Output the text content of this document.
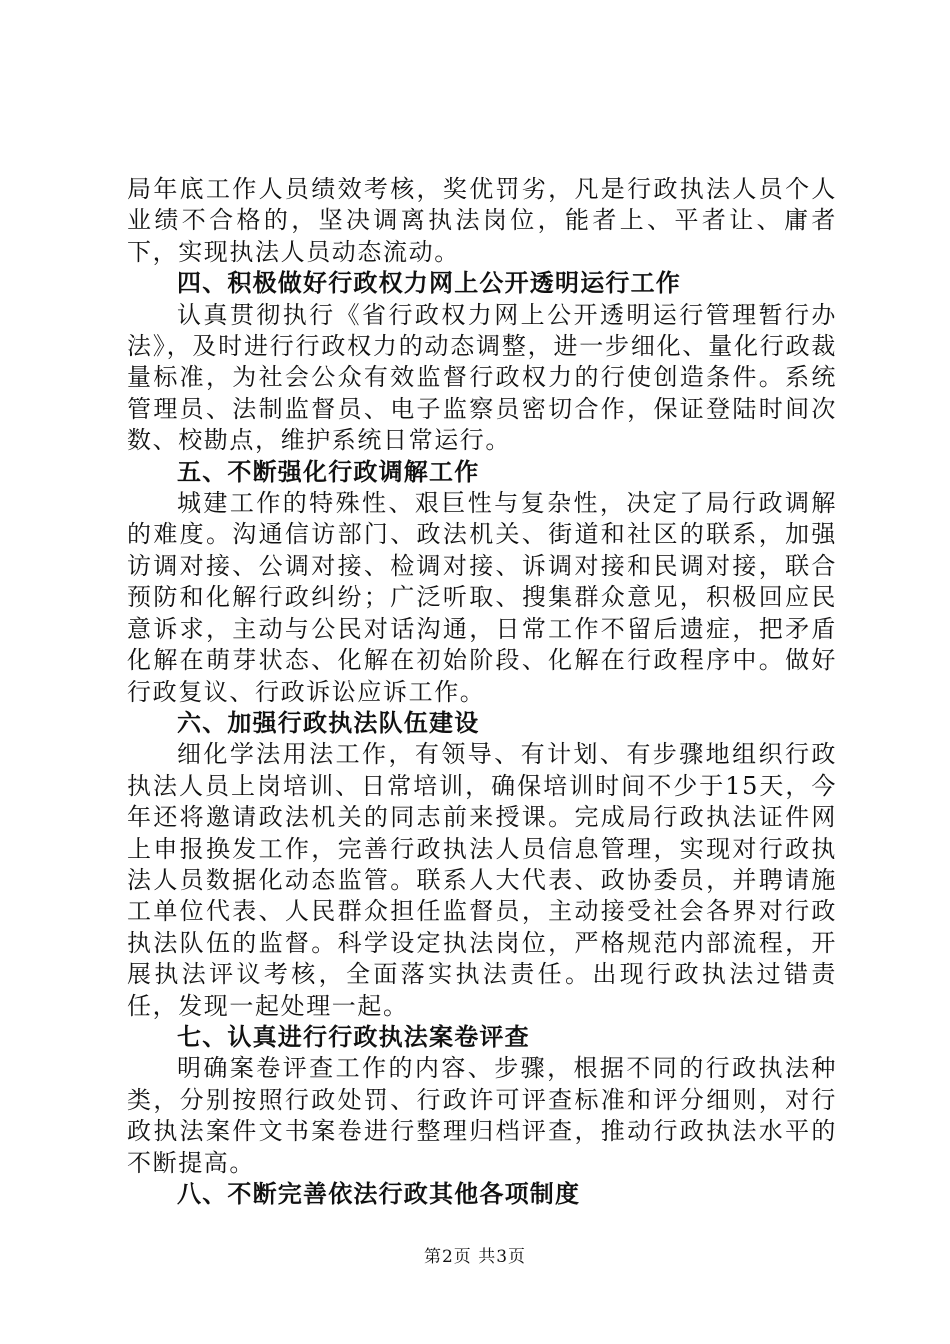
局年底工作人员绩效考核，奖优罚劣，凡是行政执法人员个人业绩不合格的，坚决调离执法岗位，能者上、平者让、庸者下，实现执法人员动态流动。

四、积极做好行政权力网上公开透明运行工作

认真贯彻执行《省行政权力网上公开透明运行管理暂行办法》，及时进行行政权力的动态调整，进一步细化、量化行政裁量标准，为社会公众有效监督行政权力的行使创造条件。系统管理员、法制监督员、电子监察员密切合作，保证登陆时间次数、校勘点，维护系统日常运行。

五、不断强化行政调解工作

城建工作的特殊性、艰巨性与复杂性，决定了局行政调解的难度。沟通信访部门、政法机关、街道和社区的联系，加强访调对接、公调对接、检调对接、诉调对接和民调对接，联合预防和化解行政纠纷；广泛听取、搜集群众意见，积极回应民意诉求，主动与公民对话沟通，日常工作不留后遗症，把矛盾化解在萌芽状态、化解在初始阶段、化解在行政程序中。做好行政复议、行政诉讼应诉工作。

六、加强行政执法队伍建设

细化学法用法工作，有领导、有计划、有步骤地组织行政执法人员上岗培训、日常培训，确保培训时间不少于15天，今年还将邀请政法机关的同志前来授课。完成局行政执法证件网上申报换发工作，完善行政执法人员信息管理，实现对行政执法人员数据化动态监管。联系人大代表、政协委员，并聘请施工单位代表、人民群众担任监督员，主动接受社会各界对行政执法队伍的监督。科学设定执法岗位，严格规范内部流程，开展执法评议考核，全面落实执法责任。出现行政执法过错责任，发现一起处理一起。

七、认真进行行政执法案卷评查

明确案卷评查工作的内容、步骤，根据不同的行政执法种类，分别按照行政处罚、行政许可评查标准和评分细则，对行政执法案件文书案卷进行整理归档评查，推动行政执法水平的不断提高。

八、不断完善依法行政其他各项制度

第2页 共3页
